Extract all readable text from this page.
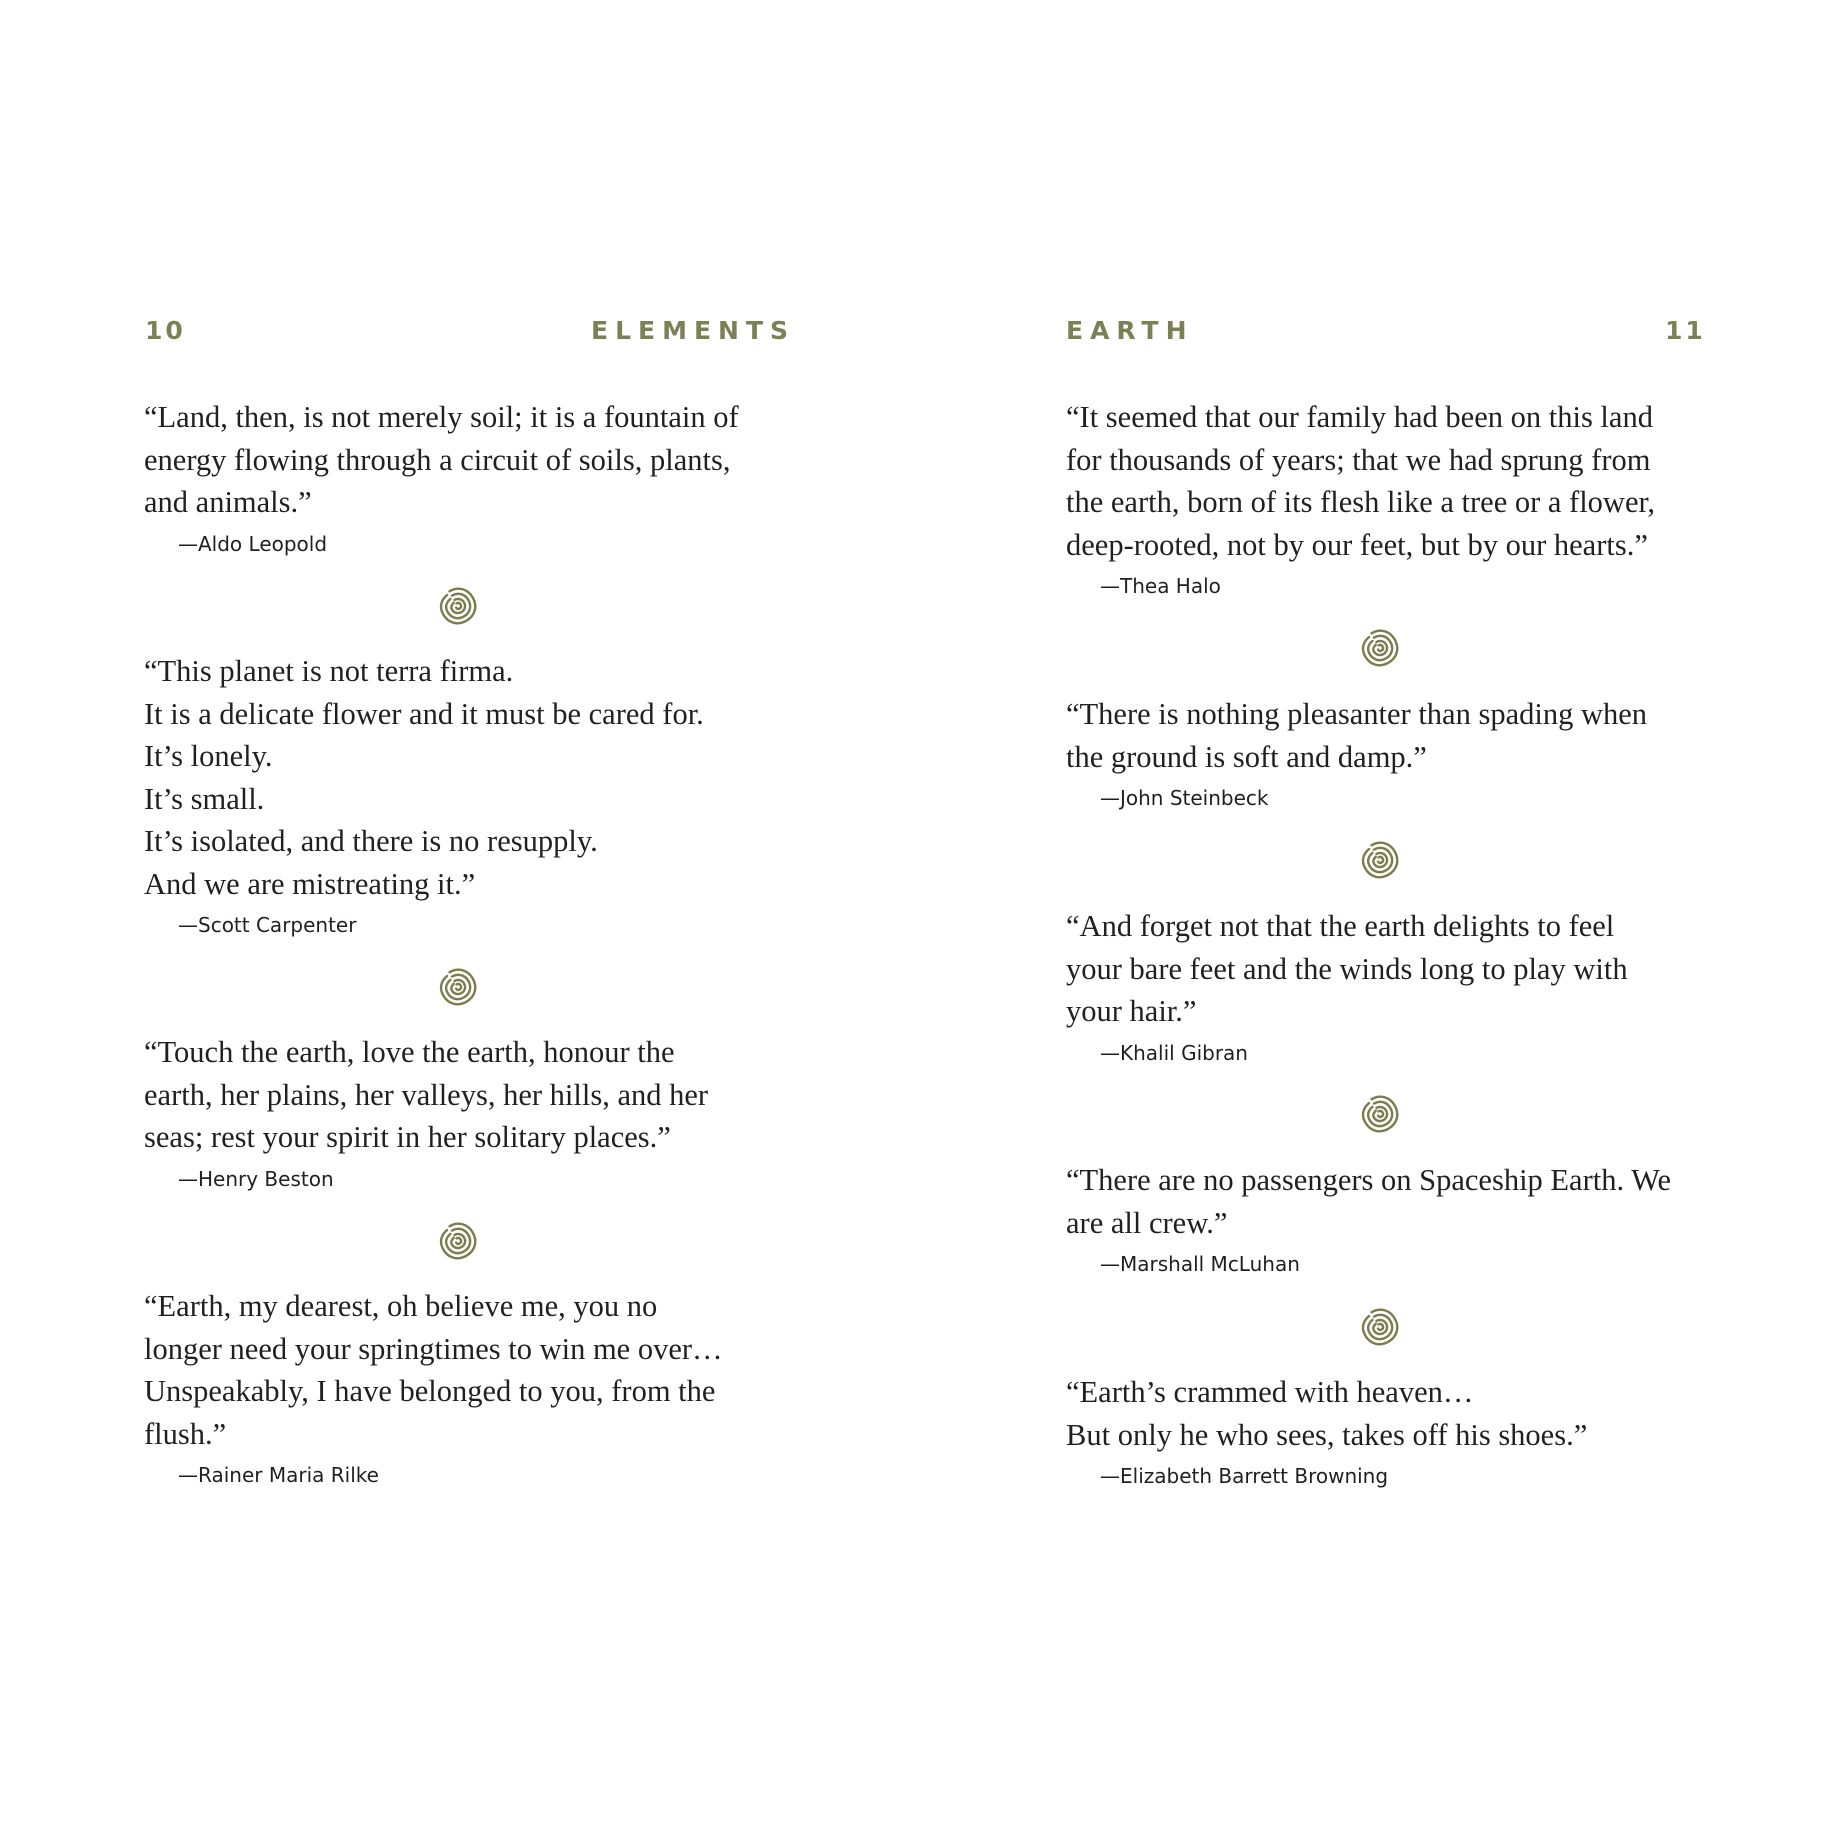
10	ELEMENTS

“Land, then, is not merely soil; it is a fountain of
energy flowing through a circuit of soils, plants,
and animals.”

—Aldo Leopold

“This planet is not terra firma.
It is a delicate flower and it must be cared for.
It’s lonely.
It’s small.
It’s isolated, and there is no resupply.
And we are mistreating it.”

—Scott Carpenter

“Touch the earth, love the earth, honour the
earth, her plains, her valleys, her hills, and her
seas; rest your spirit in her solitary places.”

—Henry Beston

“Earth, my dearest, oh believe me, you no
longer need your springtimes to win me over…
Unspeakably, I have belonged to you, from the
flush.”

—Rainer Maria Rilke
EARTH	11

“It seemed that our family had been on this land
for thousands of years; that we had sprung from
the earth, born of its flesh like a tree or a flower,
deep-rooted, not by our feet, but by our hearts.”

—Thea Halo

“There is nothing pleasanter than spading when
the ground is soft and damp.”

—John Steinbeck

“And forget not that the earth delights to feel
your bare feet and the winds long to play with
your hair.”

—Khalil Gibran

“There are no passengers on Spaceship Earth. We
are all crew.”

—Marshall McLuhan

“Earth’s crammed with heaven…
But only he who sees, takes off his shoes.”

—Elizabeth Barrett Browning
